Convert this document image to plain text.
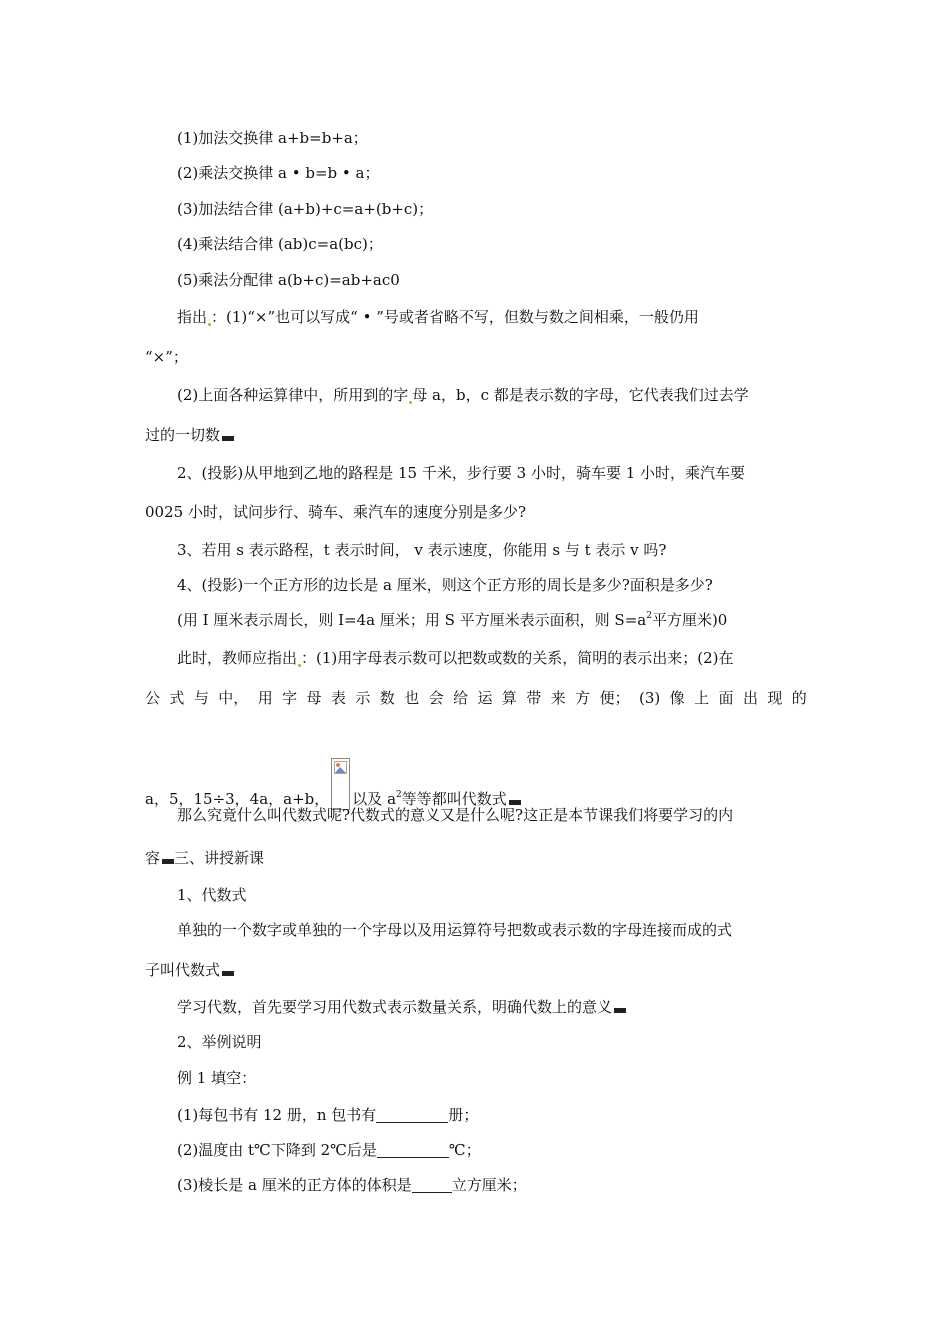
(1)加法交换律 a+b=b+a；
(2)乘法交换律 a • b=b • a；
(3)加法结合律 (a+b)+c=a+(b+c)；
(4)乘法结合律 (ab)c=a(bc)；
(5)乘法分配律 a(b+c)=ab+ac0
指出 ：(1)“×”也可以写成“ • ”号或者省略不写，但数与数之间相乘，一般仍用
“×”；
(2)上面各种运算律中，所用到的字 母 a，b，c 都是表示数的字母，它代表我们过去学
过的一切数
2、(投影)从甲地到乙地的路程是 15 千米，步行要 3 小时，骑车要 1 小时，乘汽车要
0025 小时，试问步行、骑车、乘汽车的速度分别是多少?
3、若用 s 表示路程，t 表示时间， v 表示速度，你能用 s 与 t 表示 v 吗?
4、(投影)一个正方形的边长是 a 厘米，则这个正方形的周长是多少?面积是多少?
(用 I 厘米表示周长，则 I=4a 厘米；用 S 平方厘米表示面积，则 $S=a^2$平方厘米)0
此时，教师应指出 ：(1)用字母表示数可以把数或数的关系，简明的表示出来；(2)在
公 式 与 中， 用 字 母 表 示 数 也 会 给 运 算 带 来 方 便； (3) 像 上 面 出 现 的
a，5，15÷3，4a，a+b， 以及 $a^2$等等都叫代数式
那么究竟什么叫代数式呢?代数式的意义又是什么呢?这正是本节课我们将要学习的内
容 三、讲授新课
1、代数式
单独的一个数字或单独的一个字母以及用运算符号把数或表示数的字母连接而成的式
子叫代数式
学习代数，首先要学习用代数式表示数量关系，明确代数上的意义
2、举例说明
例 1 填空：
(1)每包书有 12 册，n 包书有	册；
(2)温度由 t℃下降到 2℃后是	℃；
(3)棱长是 a 厘米的正方体的体积是	立方厘米；
